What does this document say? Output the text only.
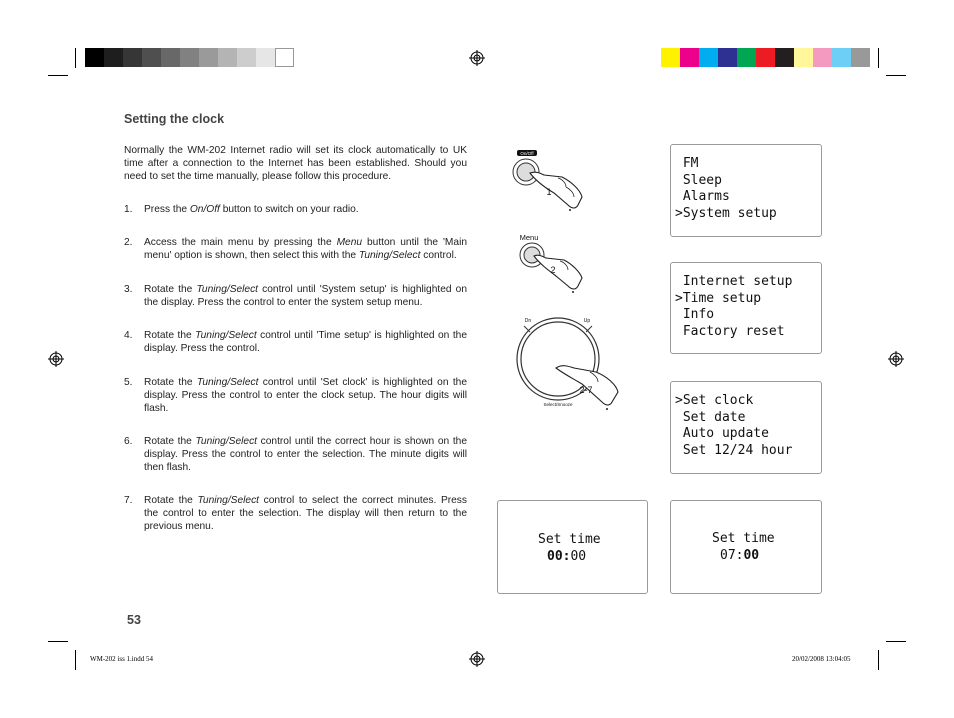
Setting the clock
Normally the WM-202 Internet radio will set its clock automatically to UK time after a connection to the Internet has been established. Should you need to set the time manually, please follow this procedure.
1. Press the On/Off button to switch on your radio.
2. Access the main menu by pressing the Menu button until the 'Main menu' option is shown, then select this with the Tuning/Select control.
3. Rotate the Tuning/Select control until 'System setup' is highlighted on the display. Press the control to enter the system setup menu.
4. Rotate the Tuning/Select control until 'Time setup' is highlighted on the display. Press the control.
5. Rotate the Tuning/Select control until 'Set clock' is highlighted on the display. Press the control to enter the clock setup. The hour digits will flash.
6. Rotate the Tuning/Select control until the correct hour is shown on the display. Press the control to enter the selection. The minute digits will then flash.
7. Rotate the Tuning/Select control to select the correct minutes. Press the control to enter the selection. The display will then return to the previous menu.
53
WM-202 iss 1.indd 54	20/02/2008 13:04:05
On/Off
1
Menu
2
Dn	Up
Select/Snooze
2-7
FM
Sleep
Alarms
>System setup
Internet setup
>Time setup
Info
Factory reset
>Set clock
Set date
Auto update
Set 12/24 hour
Set time
00:00
Set time
07:00
